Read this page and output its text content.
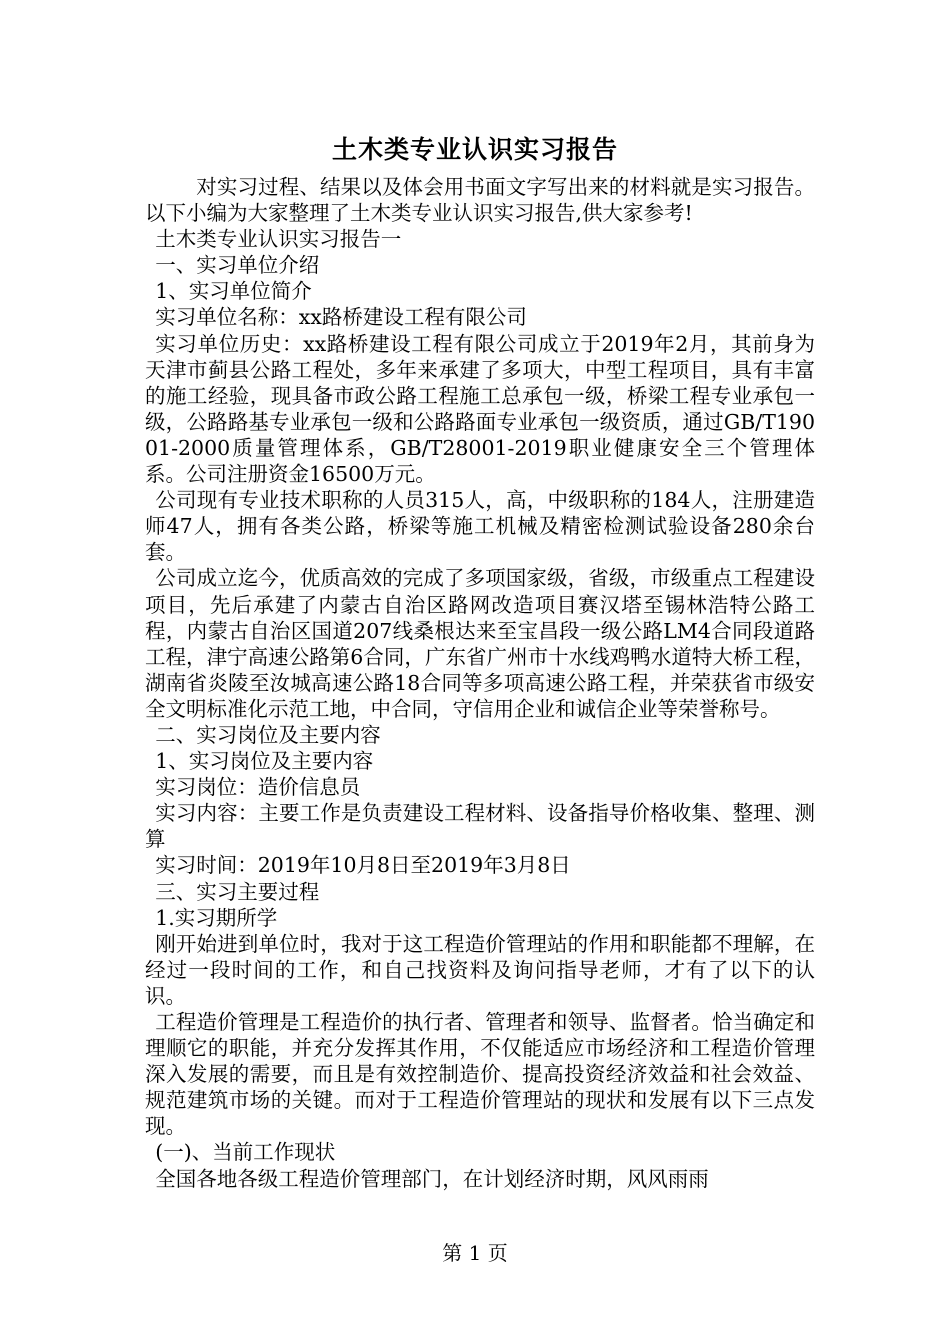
土木类专业认识实习报告

对实习过程、结果以及体会用书面文字写出来的材料就是实习报告。以下小编为大家整理了土木类专业认识实习报告,供大家参考!

土木类专业认识实习报告一

一、实习单位介绍

1、实习单位简介

实习单位名称：xx路桥建设工程有限公司

实习单位历史：xx路桥建设工程有限公司成立于2019年2月，其前身为天津市蓟县公路工程处，多年来承建了多项大，中型工程项目，具有丰富的施工经验，现具备市政公路工程施工总承包一级，桥梁工程专业承包一级，公路路基专业承包一级和公路路面专业承包一级资质，通过GB/T19001-2000质量管理体系，GB/T28001-2019职业健康安全三个管理体系。公司注册资金16500万元。

公司现有专业技术职称的人员315人，高，中级职称的184人，注册建造师47人，拥有各类公路，桥梁等施工机械及精密检测试验设备280余台套。

公司成立迄今，优质高效的完成了多项国家级，省级，市级重点工程建设项目，先后承建了内蒙古自治区路网改造项目赛汉塔至锡林浩特公路工程，内蒙古自治区国道207线桑根达来至宝昌段一级公路LM4合同段道路工程，津宁高速公路第6合同，广东省广州市十水线鸡鸭水道特大桥工程，湖南省炎陵至汝城高速公路18合同等多项高速公路工程，并荣获省市级安全文明标准化示范工地，中合同，守信用企业和诚信企业等荣誉称号。

二、实习岗位及主要内容

1、实习岗位及主要内容

实习岗位：造价信息员

实习内容：主要工作是负责建设工程材料、设备指导价格收集、整理、测算

实习时间：2019年10月8日至2019年3月8日

三、实习主要过程

1.实习期所学

刚开始进到单位时，我对于这工程造价管理站的作用和职能都不理解，在经过一段时间的工作，和自己找资料及询问指导老师，才有了以下的认识。

工程造价管理是工程造价的执行者、管理者和领导、监督者。恰当确定和理顺它的职能，并充分发挥其作用，不仅能适应市场经济和工程造价管理深入发展的需要，而且是有效控制造价、提高投资经济效益和社会效益、规范建筑市场的关键。而对于工程造价管理站的现状和发展有以下三点发现。

(一)、当前工作现状

全国各地各级工程造价管理部门，在计划经济时期，风风雨雨

第 1 页
